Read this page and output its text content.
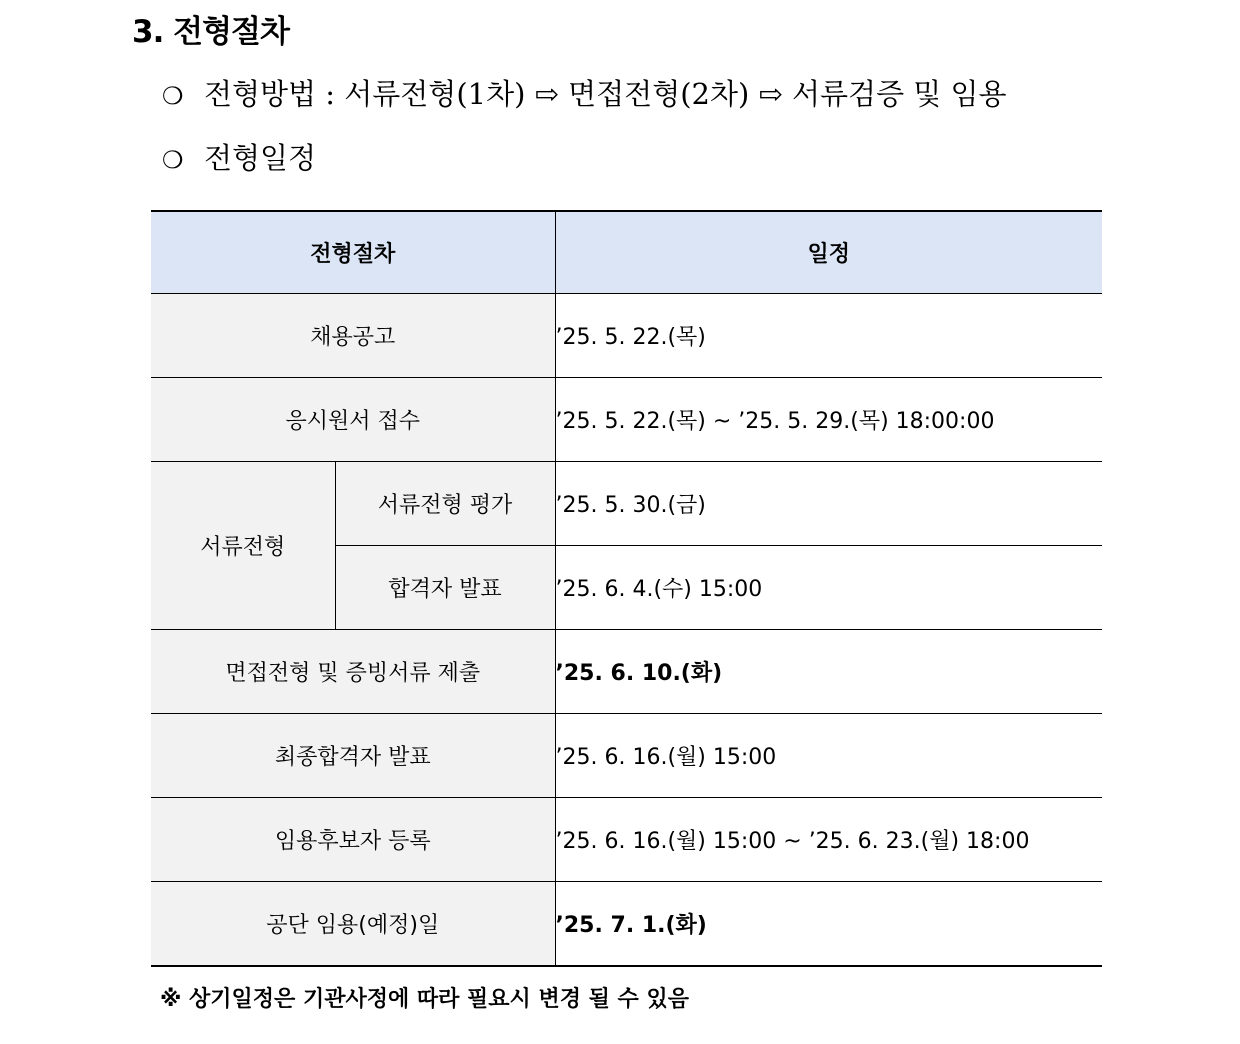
3. 전형절차
❍ 전형방법 : 서류전형(1차) ⇨ 면접전형(2차) ⇨ 서류검증 및 임용
❍ 전형일정
전형절차		일정
채용공고		’25. 5. 22.(목)
응시원서 접수		’25. 5. 22.(목) ~ ’25. 5. 29.(목) 18:00:00
서류전형	서류전형 평가	’25. 5. 30.(금)
	합격자 발표	’25. 6. 4.(수) 15:00
면접전형 및 증빙서류 제출		’25. 6. 10.(화)
최종합격자 발표		’25. 6. 16.(월) 15:00
임용후보자 등록		’25. 6. 16.(월) 15:00 ~ ’25. 6. 23.(월) 18:00
공단 임용(예정)일		’25. 7. 1.(화)
※ 상기일정은 기관사정에 따라 필요시 변경 될 수 있음
